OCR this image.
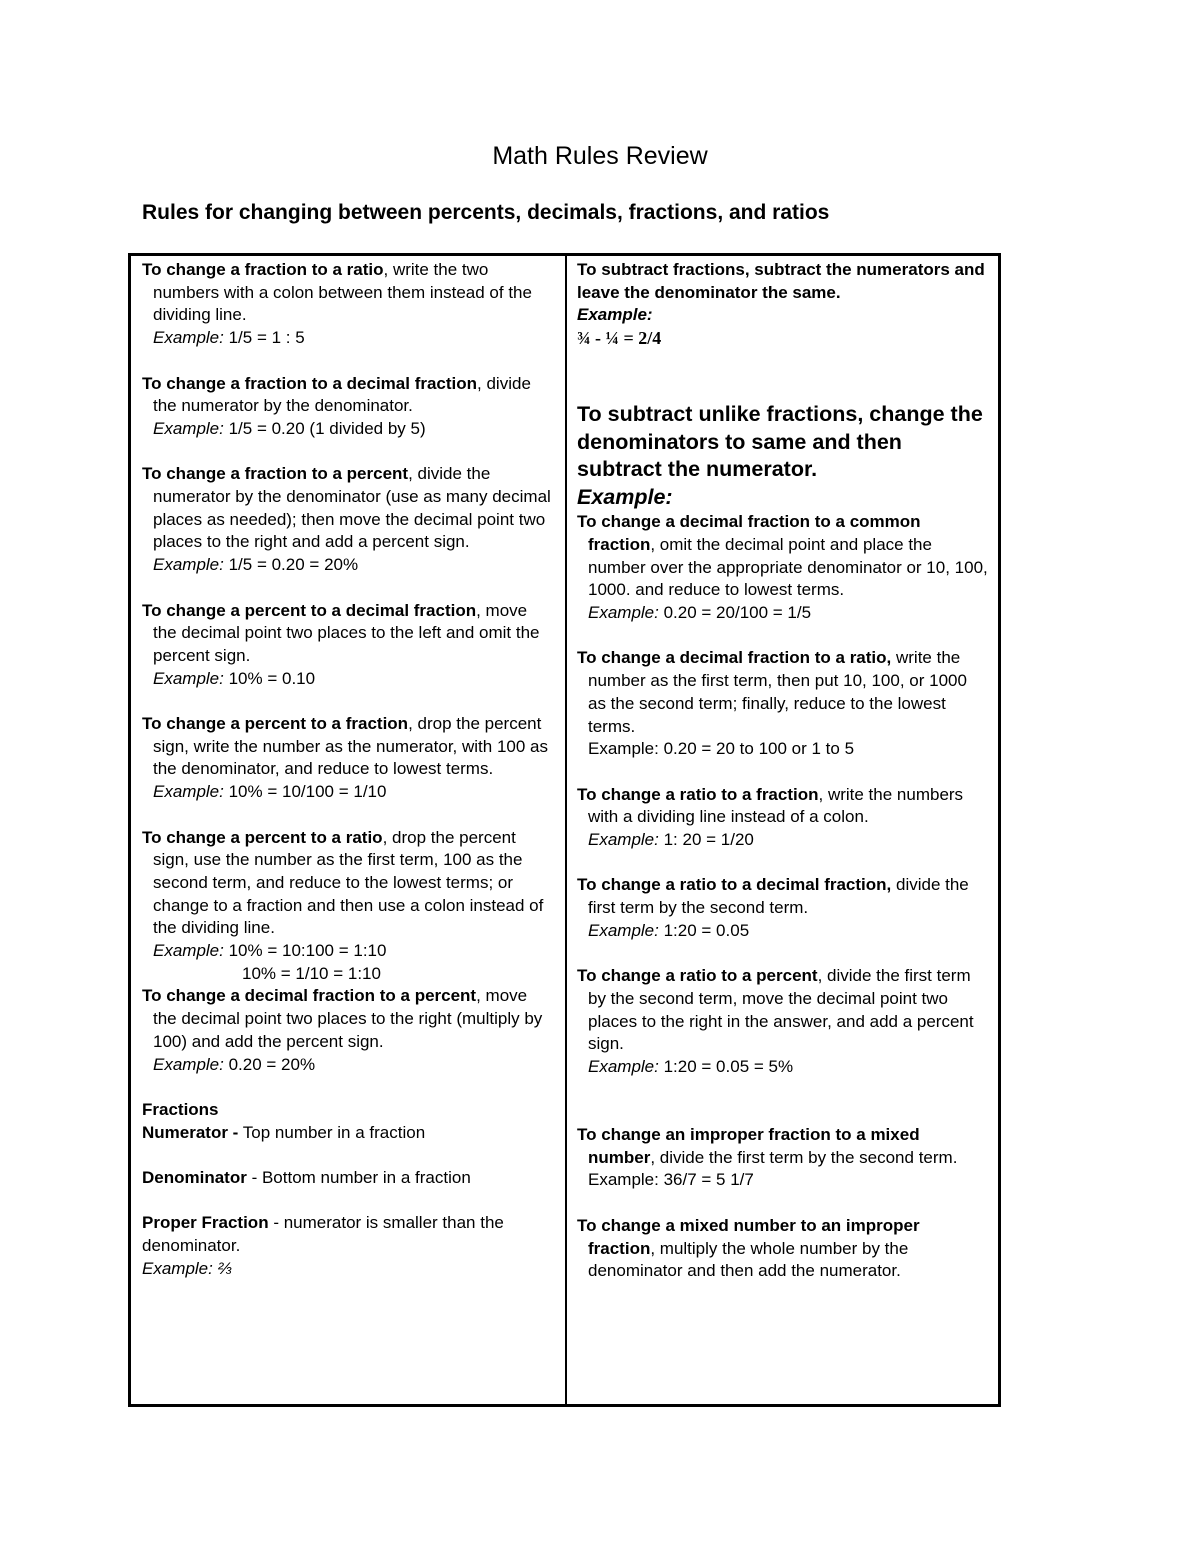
Math Rules Review
Rules for changing between percents, decimals, fractions, and ratios

To change a fraction to a ratio, write the two numbers with a colon between them instead of the dividing line.

Example: 1/5 = 1 : 5

To change a fraction to a decimal fraction, divide the numerator by the denominator.

Example: 1/5 = 0.20 (1 divided by 5)

To change a fraction to a percent, divide the numerator by the denominator (use as many decimal places as needed); then move the decimal point two places to the right and add a percent sign.

Example: 1/5 = 0.20 = 20%

To change a percent to a decimal fraction, move the decimal point two places to the left and omit the percent sign.

Example: 10% = 0.10

To change a percent to a fraction, drop the percent sign, write the number as the numerator, with 100 as the denominator, and reduce to lowest terms.

Example: 10% = 10/100 = 1/10

To change a percent to a ratio, drop the percent sign, use the number as the first term, 100 as the second term, and reduce to the lowest terms; or change to a fraction and then use a colon instead of the dividing line.

Example: 10% = 10:100 = 1:10

10% = 1/10 = 1:10

To change a decimal fraction to a percent, move the decimal point two places to the right (multiply by 100) and add the percent sign.

Example: 0.20 = 20%

Fractions

Numerator - Top number in a fraction

Denominator - Bottom number in a fraction

Proper Fraction - numerator is smaller than the denominator.

Example: ⅔

To subtract fractions, subtract the numerators and leave the denominator the same.

Example:

¾ - ¼ = 2/4

To subtract unlike fractions, change the denominators to same and then subtract the numerator.

Example:

To change a decimal fraction to a common fraction, omit the decimal point and place the number over the appropriate denominator or 10, 100, 1000. and reduce to lowest terms.

Example: 0.20 = 20/100 = 1/5

To change a decimal fraction to a ratio, write the number as the first term, then put 10, 100, or 1000 as the second term; finally, reduce to the lowest terms.

Example: 0.20 = 20 to 100 or 1 to 5

To change a ratio to a fraction, write the numbers with a dividing line instead of a colon.

Example: 1: 20 = 1/20

To change a ratio to a decimal fraction, divide the first term by the second term.

Example: 1:20 = 0.05

To change a ratio to a percent, divide the first term by the second term, move the decimal point two places to the right in the answer, and add a percent sign.

Example: 1:20 = 0.05 = 5%

To change an improper fraction to a mixed number, divide the first term by the second term.

Example: 36/7 = 5 1/7

To change a mixed number to an improper fraction, multiply the whole number by the denominator and then add the numerator.
